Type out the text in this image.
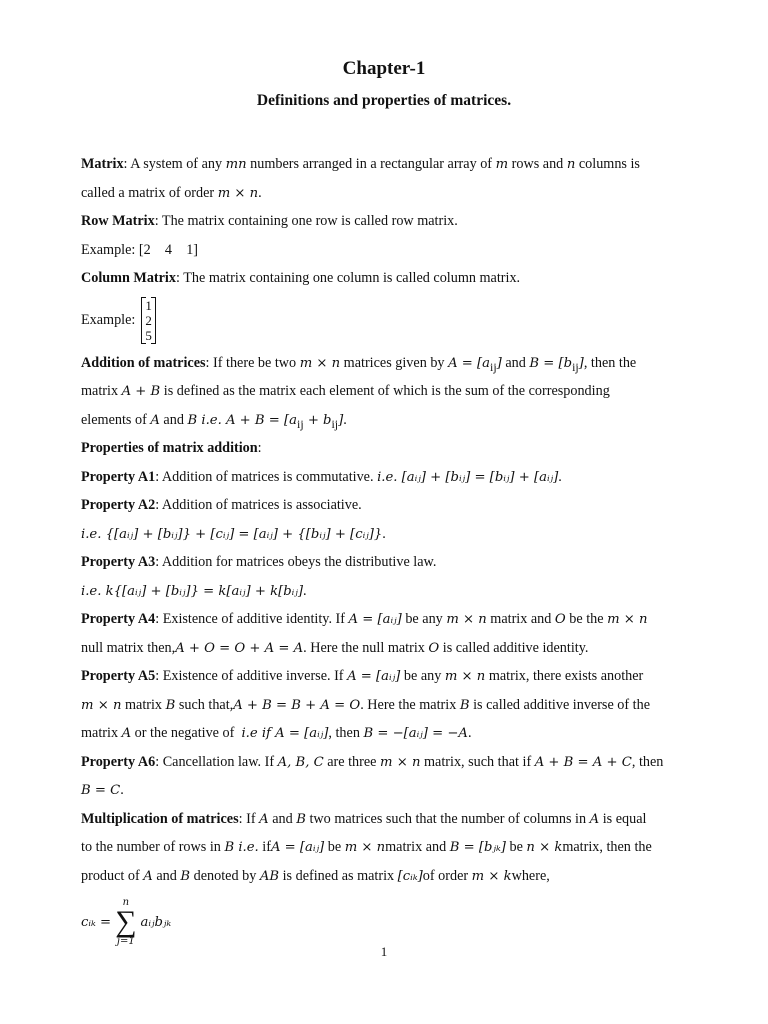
Chapter-1
Definitions and properties of matrices.
Matrix: A system of any mn numbers arranged in a rectangular array of m rows and n columns is
called a matrix of order m × n.
Row Matrix: The matrix containing one row is called row matrix.
Example: [2    4    1]
Column Matrix: The matrix containing one column is called column matrix.
Example:
1
2
5
Addition of matrices: If there be two m × n matrices given by $A = [a_{ij}]$ and $B = [b_{ij}]$, then the
matrix A + B is defined as the matrix each element of which is the sum of the corresponding
elements of A and B i.e. $A + B = [a_{ij} + b_{ij}]$.
Properties of matrix addition:
Property A1: Addition of matrices is commutative. i.e. [aᵢⱼ] + [bᵢⱼ] = [bᵢⱼ] + [aᵢⱼ].
Property A2: Addition of matrices is associative.
i.e. {[aᵢⱼ] + [bᵢⱼ]} + [cᵢⱼ] = [aᵢⱼ] + {[bᵢⱼ] + [cᵢⱼ]}.
Property A3: Addition for matrices obeys the distributive law.
i.e. k{[aᵢⱼ] + [bᵢⱼ]} = k[aᵢⱼ] + k[bᵢⱼ].
Property A4: Existence of additive identity. If A = [aᵢⱼ] be any m × n matrix and O be the m × n
null matrix then,A + O = O + A = A. Here the null matrix O is called additive identity.
Property A5: Existence of additive inverse. If A = [aᵢⱼ] be any m × n matrix, there exists another
m × n matrix B such that,A + B = B + A = O. Here the matrix B is called additive inverse of the
matrix A or the negative of  i.e if A = [aᵢⱼ], then B = −[aᵢⱼ] = −A.
Property A6: Cancellation law. If A, B, C are three m × n matrix, such that if A + B = A + C, then
B = C.
Multiplication of matrices: If A and B two matrices such that the number of columns in A is equal
to the number of rows in B i.e. ifA = [aᵢⱼ] be m × nmatrix and B = [bⱼₖ] be n × kmatrix, then the
product of A and B denoted by AB is defined as matrix [cᵢₖ]of order m × kwhere,
cᵢₖ =
n
∑
j=1
aᵢⱼbⱼₖ
1
